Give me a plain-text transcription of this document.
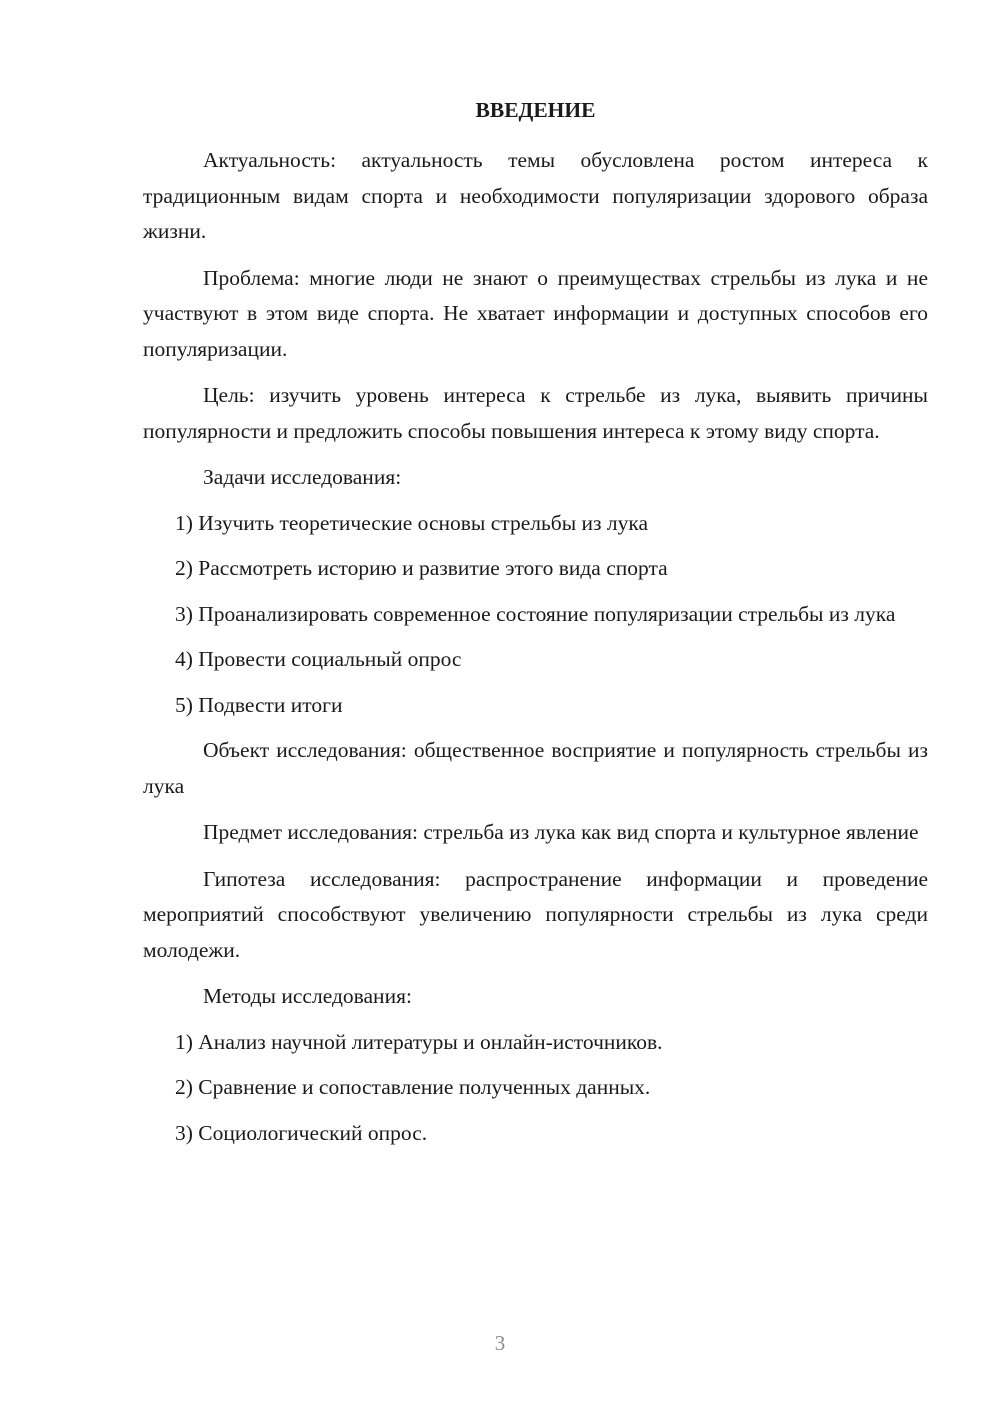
ВВЕДЕНИЕ

Актуальность: актуальность темы обусловлена ростом интереса к традиционным видам спорта и необходимости популяризации здорового образа жизни.

Проблема: многие люди не знают о преимуществах стрельбы из лука и не участвуют в этом виде спорта. Не хватает информации и доступных способов его популяризации.

Цель: изучить уровень интереса к стрельбе из лука, выявить причины популярности и предложить способы повышения интереса к этому виду спорта.

Задачи исследования:

1) Изучить теоретические основы стрельбы из лука

2) Рассмотреть историю и развитие этого вида спорта

3) Проанализировать современное состояние популяризации стрельбы из лука

4) Провести социальный опрос

5) Подвести итоги

Объект исследования: общественное восприятие и популярность стрельбы из лука

Предмет исследования: стрельба из лука как вид спорта и культурное явление

Гипотеза исследования: распространение информации и проведение мероприятий способствуют увеличению популярности стрельбы из лука среди молодежи.

Методы исследования:

1) Анализ научной литературы и онлайн-источников.

2) Сравнение и сопоставление полученных данных.

3) Социологический опрос.

3
